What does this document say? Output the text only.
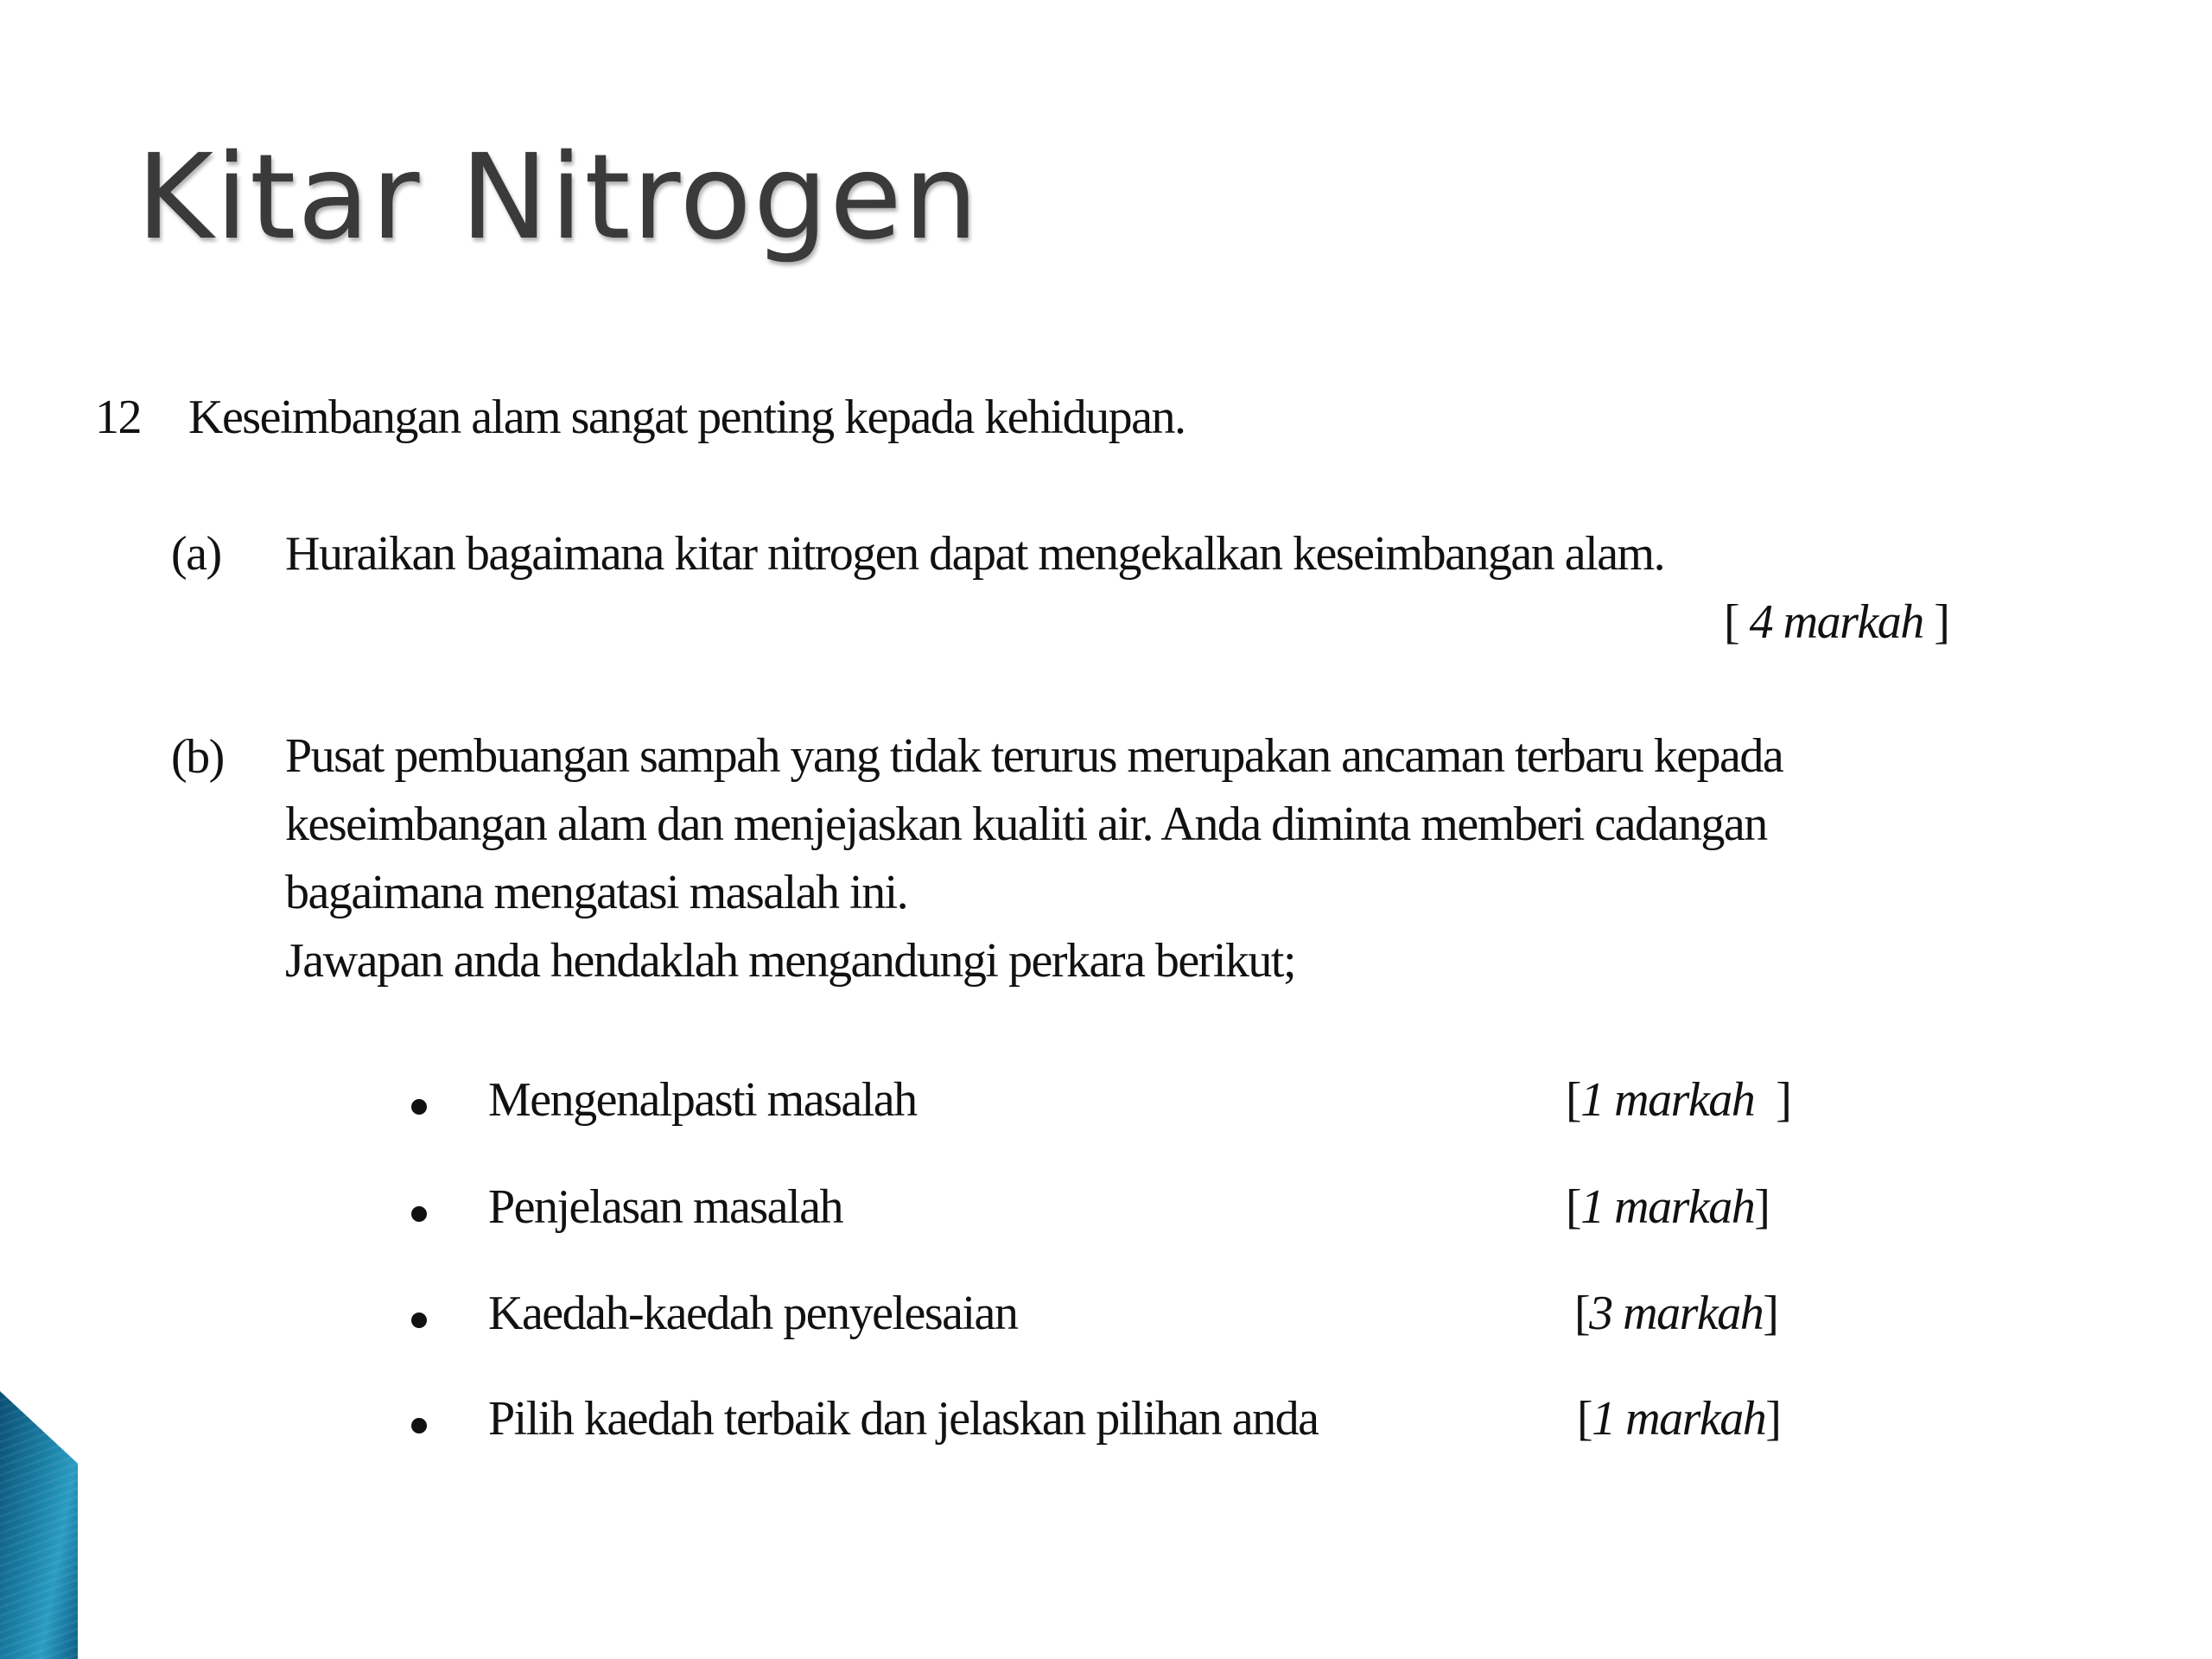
Kitar Nitrogen
12 Keseimbangan alam sangat penting kepada kehidupan.
(a) Huraikan bagaimana kitar nitrogen dapat mengekalkan keseimbangan alam.
[ 4 markah ]
(b) Pusat pembuangan sampah yang tidak terurus merupakan ancaman terbaru kepada
keseimbangan alam dan menjejaskan kualiti air. Anda diminta memberi cadangan
bagaimana mengatasi masalah ini.
Jawapan anda hendaklah mengandungi perkara berikut;
Mengenalpasti masalah	[1 markah  ]
Penjelasan masalah	[1 markah]
Kaedah-kaedah penyelesaian	[3 markah]
Pilih kaedah terbaik dan jelaskan pilihan anda	[1 markah]
